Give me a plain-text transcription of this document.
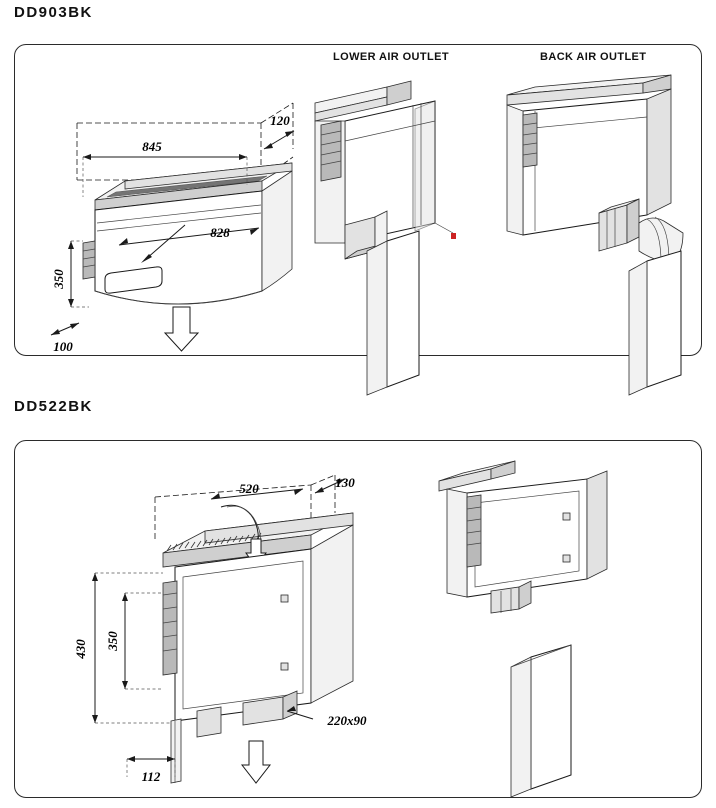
DD903BK
LOWER AIR OUTLET	BACK AIR OUTLET
845
120
828
350
100
DD522BK
220x90
520	130
350
430
112
